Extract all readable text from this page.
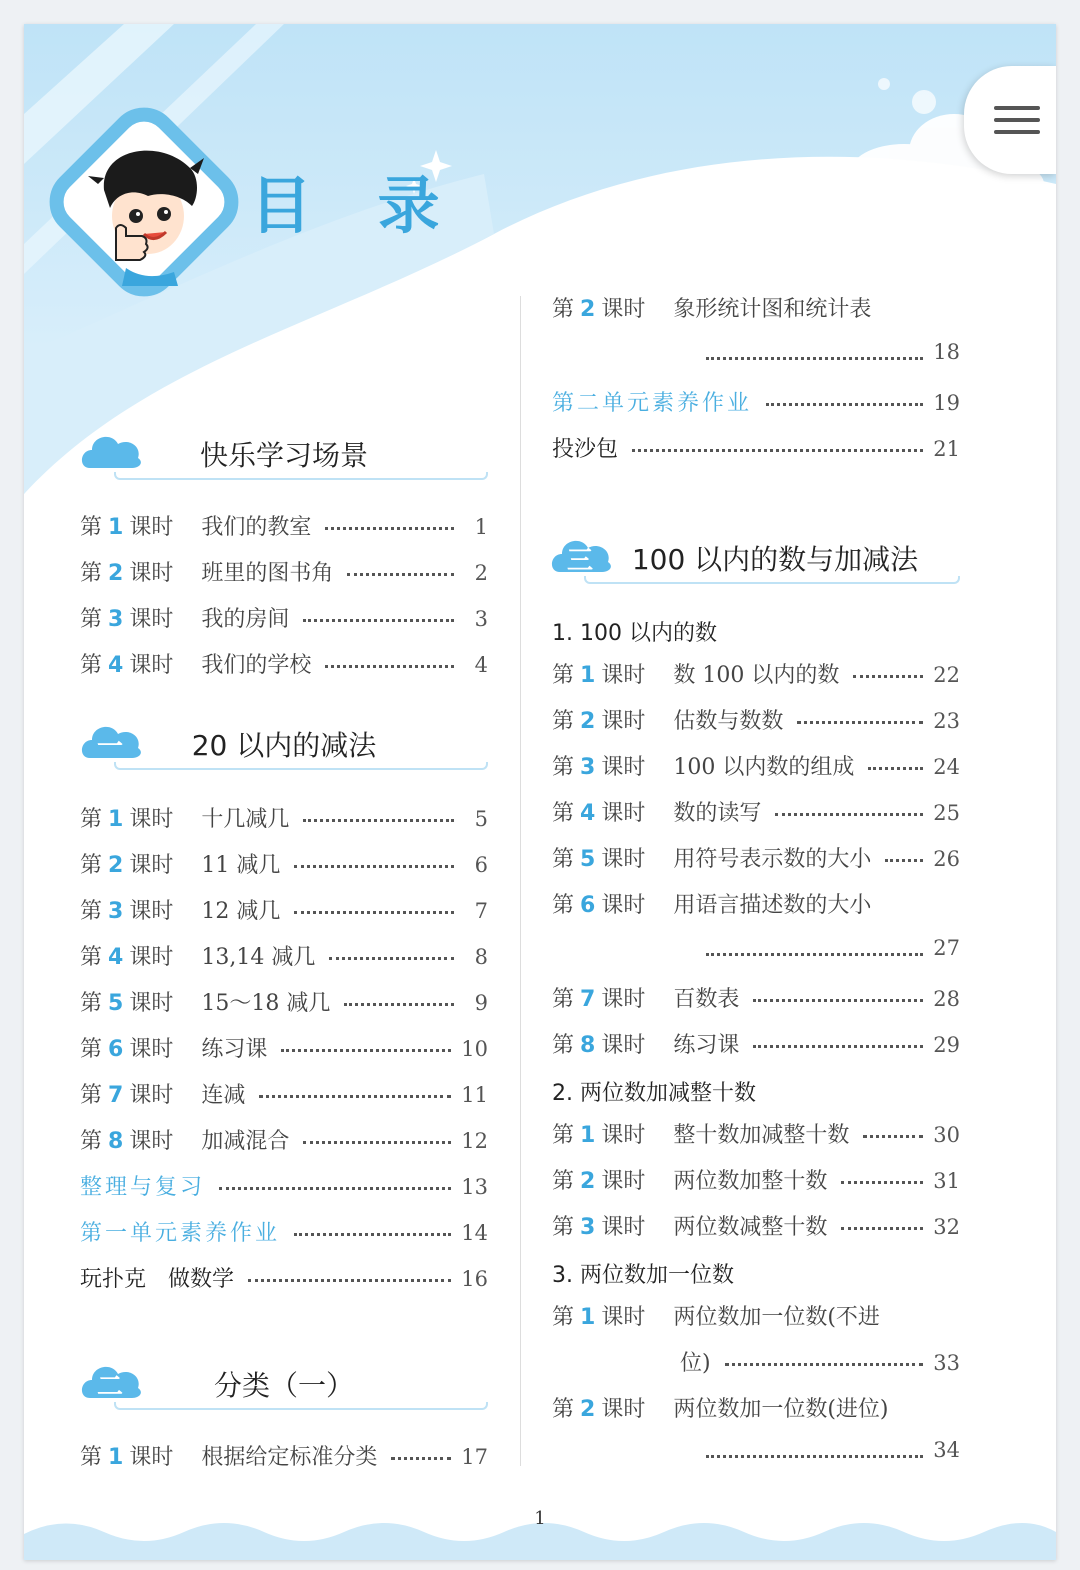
目 录
快乐学习场景
第 1 课时 我们的教室	1
第 2 课时 班里的图书角	2
第 3 课时 我的房间	3
第 4 课时 我们的学校	4
一	20 以内的减法
第 1 课时 十几减几	5
第 2 课时 11 减几	6
第 3 课时 12 减几	7
第 4 课时 13,14 减几	8
第 5 课时 15～18 减几	9
第 6 课时 练习课	10
第 7 课时 连减	11
第 8 课时 加减混合	12
整理与复习	13
第一单元素养作业	14
玩扑克　做数学	16
二	分类（一）
第 1 课时 根据给定标准分类	17
第 2 课时 象形统计图和统计表
18
第二单元素养作业	19
投沙包	21
三	100 以内的数与加减法
1. 100 以内的数
第 1 课时 数 100 以内的数	22
第 2 课时 估数与数数	23
第 3 课时 100 以内数的组成	24
第 4 课时 数的读写	25
第 5 课时 用符号表示数的大小	26
第 6 课时 用语言描述数的大小
27
第 7 课时 百数表	28
第 8 课时 练习课	29
2. 两位数加减整十数
第 1 课时 整十数加减整十数	30
第 2 课时 两位数加整十数	31
第 3 课时 两位数减整十数	32
3. 两位数加一位数
第 1 课时 两位数加一位数(不进
位)	33
第 2 课时 两位数加一位数(进位)
34
1
